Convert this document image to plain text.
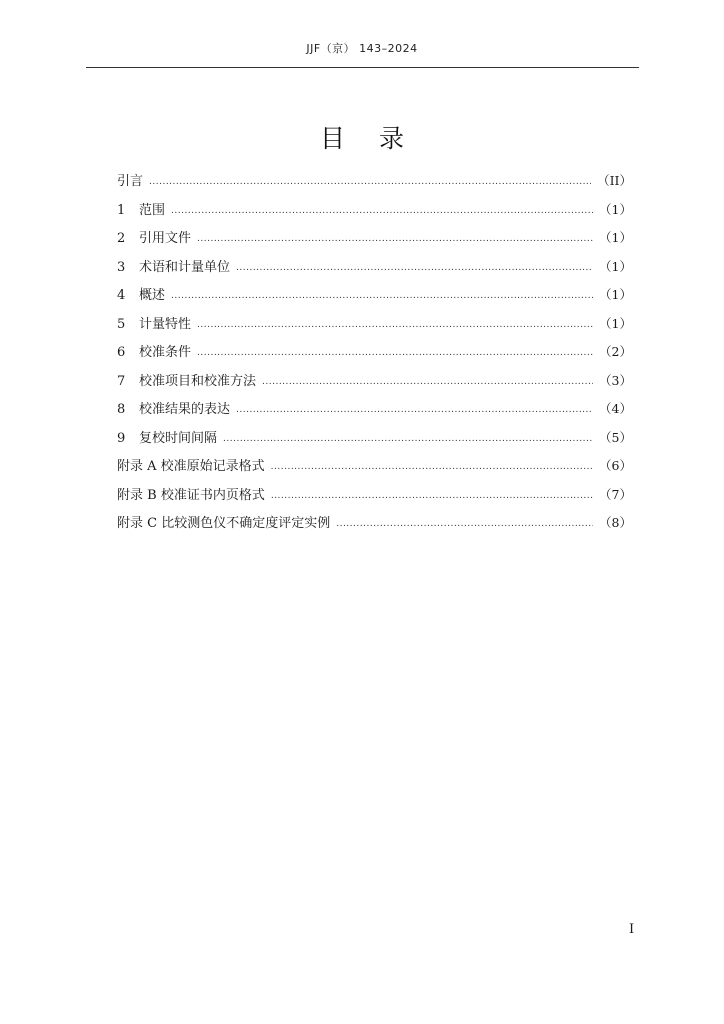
JJF（京） 143–2024
目录
引言 .....	（II）
1	范围 .....	（1）
2	引用文件 .....	（1）
3	术语和计量单位 .....	（1）
4	概述 .....	（1）
5	计量特性 .....	（1）
6	校准条件 .....	（2）
7	校准项目和校准方法 .....	（3）
8	校准结果的表达 .....	（4）
9	复校时间间隔 .....	（5）
附录 A 校准原始记录格式 .....	（6）
附录 B 校准证书内页格式 .....	（7）
附录 C 比较测色仪不确定度评定实例 .....	（8）
I
